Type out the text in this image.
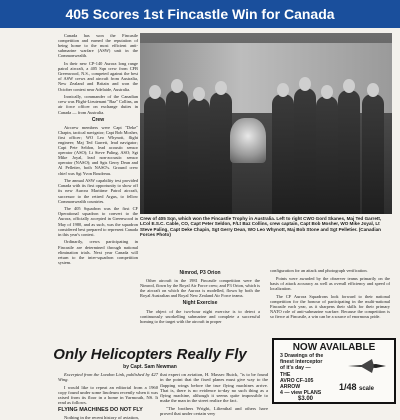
405 Scores 1st Fincastle Win for Canada

Canada has won the Fincastle competition and earned the reputation of being home to the most efficient anti-submarine warfare (ASW) unit in the Commonwealth.

In their new CP-140 Aurora long range patrol aircraft, a 405 Sqn crew from CFB Greenwood, N.S., competed against the best of ASW crews and aircraft from Australia, New Zealand and Britain and won the October contest near Adelaide, Australia.

Ironically, commander of the Canadian crew was Flight-Lieutenant "Baz" Collins, an air force officer on exchange duties in Canada — from Australia.

Crew

Aircrew members were Capt "Deke" Chapin, tactical navigator; Capt Bob Mosher, first officer; WO Leo Whynott, flight engineer; Maj Ted Garrett, lead navigator; Capt Pete Seldon, lead acoustic sensor operator (ASO); Lt Steve Paling, ASO; Sgt Mike Joyal, lead non-acoustic sensor operator (NASO); and Sgts Gerry Dean and Al Pelletier, both NASO's. Ground crew chief was Sgt Yvon Boudreau.

The annual ASW capability test provided Canada with its first opportunity to show off its new Aurora Maritime Patrol aircraft, successor to the retired Argus, to fellow Commonwealth countries.

The 405 Squadron was the first CF Operational squadron to convert to the Aurora, officially accepted in Greenwood in May of 1980, and as such, was the squadron considered best prepared to represent Canada in this year's contest.

Ordinarily, crews participating in Fincastle are determined through national elimination trials. Next year Canada will return to the inter-squadron competition system.

Crew of 405 Sqn, which won the Fincastle Trophy in Australia. Left to right CWO Gord Skanes, Maj Ted Garrett, LCol E.S.C. Cable, CO, Capt Peter Seldon, F/Lt Baz Collins, crew captain, Capt Bob Mosher, WO Mike Joyal, Lt Steve Paling, Capt Deke Chapin, Sgt Gerry Dean, WO Leo Whynott, Maj Bob Stone and Sgt Pelletier. (Canadian Forces Photo)
Nimrod, P3 Orion

Other aircraft in the 1981 Fincastle competition were the Nimrod, flown by the Royal Air Force crew; and P3 Orion, which is the aircraft on which the Aurora is modelled, flown by both the Royal Australian and Royal New Zealand Air Force teams.

Night Exercise

The object of the two-hour night exercise is to detect a continuously snorkelling submarine and complete a successful homing to the target with the aircraft in proper

configuration for an attack and photograph verification.

Points were awarded by the observer teams primarily on the basis of attack accuracy as well as overall efficiency and speed of localization.

The CF Aurora Squadrons look forward to their national competition for the honour of participating in the multi-national Fincastle each year, as it sharpens their skills for their primary NATO role of anti-submarine warfare. Because the competition is so fierce at Fincastle, a win can be a source of enormous pride.

Only Helicopters Really Fly
by Capt. Sam Newman

Excerpted from the London Link, published by 427 Wing.

I would like to repeat an editorial from a 1960 copy found under some linoleum recently when it was raised from its floor in a home in Yarmouth, NS. It read as follows.

FLYING MACHINES DO NOT FLY

Nothing in the recent history of aviation,

that expert on aviation, H. Massec Buick, "is to be found in the point that the fixed planes must give way to the flapping wings before the true flying machines arrive. That is, there is no evidence to-day no such thing as a flying machine, although it seems quite impossible to make the man in the street realize the fact.

"The brothers Wright, Lilienthal and others have proved that under certain very

NOW AVAILABLE
3 Drawings of the
finest interceptor
of it's day —
THE
AVRO CF-105
ARROW
4 — view PLANS
1/48 scale
$3.00
